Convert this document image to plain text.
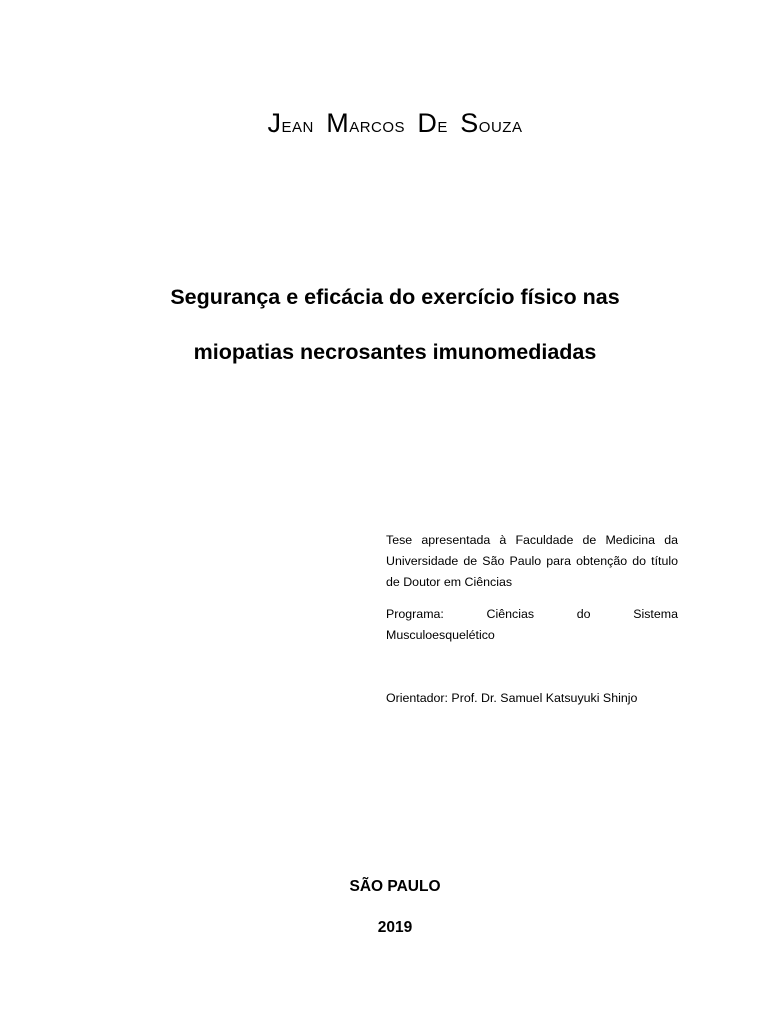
Jean Marcos De Souza
Segurança e eficácia do exercício físico nas
miopatias necrosantes imunomediadas
Tese apresentada à Faculdade de Medicina da Universidade de São Paulo para obtenção do título de Doutor em Ciências
Programa:	Ciências	do	Sistema
Musculoesquelético
Orientador: Prof. Dr. Samuel Katsuyuki Shinjo
SÃO PAULO
2019
